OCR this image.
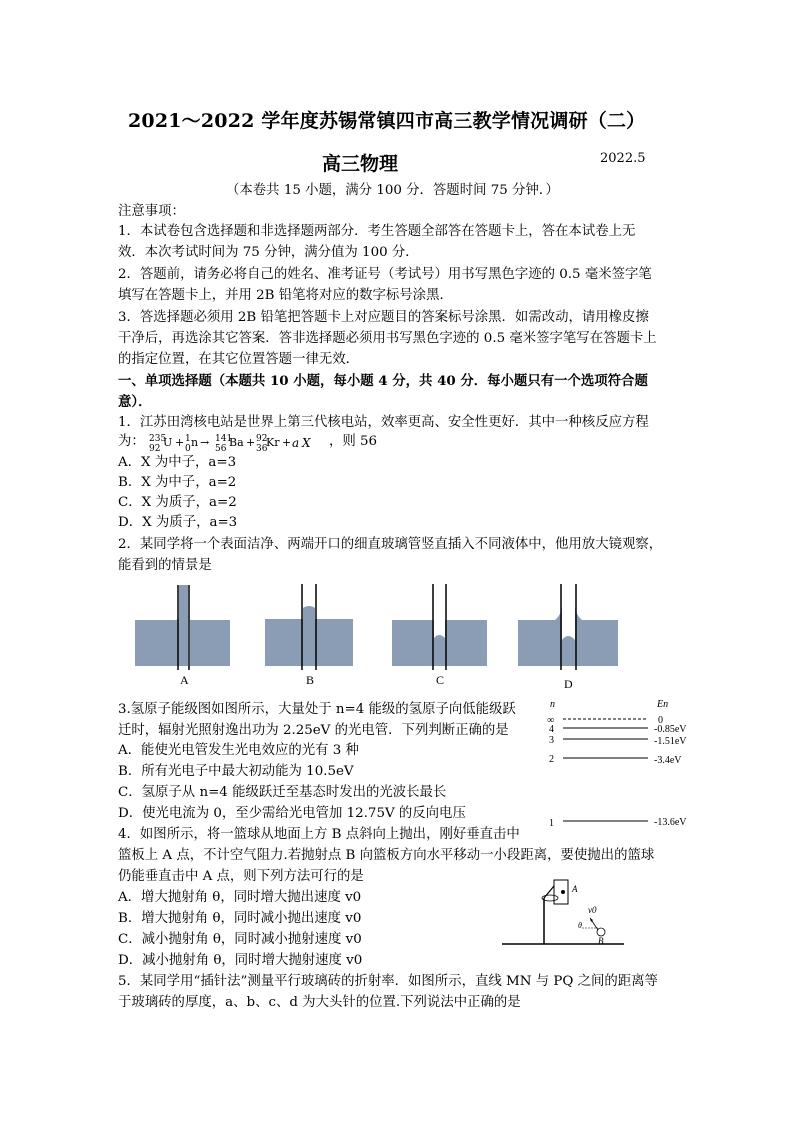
2021～2022 学年度苏锡常镇四市高三教学情况调研（二）
高三物理	2022.5
（本卷共 15 小题，满分 100 分．答题时间 75 分钟．）
注意事项：
1．本试卷包含选择题和非选择题两部分．考生答题全部答在答题卡上，答在本试卷上无
效．本次考试时间为 75 分钟，满分值为 100 分．
2．答题前，请务必将自己的姓名、准考证号（考试号）用书写黑色字迹的 0.5 毫米签字笔
填写在答题卡上，并用 2B 铅笔将对应的数字标号涂黑．
3．答选择题必须用 2B 铅笔把答题卡上对应题目的答案标号涂黑．如需改动，请用橡皮擦
干净后，再选涂其它答案．答非选择题必须用书写黑色字迹的 0.5 毫米签字笔写在答题卡上
的指定位置，在其它位置答题一律无效．
一、单项选择题（本题共 10 小题，每小题 4 分，共 40 分．每小题只有一个选项符合题
意）．
1．江苏田湾核电站是世界上第三代核电站，效率更高、安全性更好．其中一种核反应方程
为： 235
92 U + 1
0 n → 141
56 Ba + 92
36
Kr + a X ，则 56
A．X 为中子，a=3
B．X 为中子，a=2
C．X 为质子，a=2
D．X 为质子，a=3
2．某同学将一个表面洁净、两端开口的细直玻璃管竖直插入不同液体中，他用放大镜观察，
能看到的情景是
A	B	C	D
3.氢原子能级图如图所示，大量处于 n=4 能级的氢原子向低能级跃
迁时，辐射光照射逸出功为 2.25eV 的光电管．下列判断正确的是
A．能使光电管发生光电效应的光有 3 种
B．所有光电子中最大初动能为 10.5eV
C．氢原子从 n=4 能级跃迁至基态时发出的光波长最长
D．使光电流为 0，至少需给光电管加 12.75V 的反向电压
n	En
∞	0
4	-0.85eV
3	-1.51eV
2	-3.4eV
1	-13.6eV
4．如图所示，将一篮球从地面上方 B 点斜向上抛出，刚好垂直击中
篮板上 A 点，不计空气阻力.若抛射点 B 向篮板方向水平移动一小段距离，要使抛出的篮球
仍能垂直击中 A 点，则下列方法可行的是
A．增大抛射角 θ，同时增大抛出速度 v0
B．增大抛射角 θ，同时减小抛出速度 v0
C．减小抛射角 θ，同时减小抛射速度 v0
D．减小抛射角 θ，同时增大抛射速度 v0
A
v0
θ
B
5．某同学用“插针法”测量平行玻璃砖的折射率．如图所示，直线 MN 与 PQ 之间的距离等
于玻璃砖的厚度，a、b、c、d 为大头针的位置.下列说法中正确的是
